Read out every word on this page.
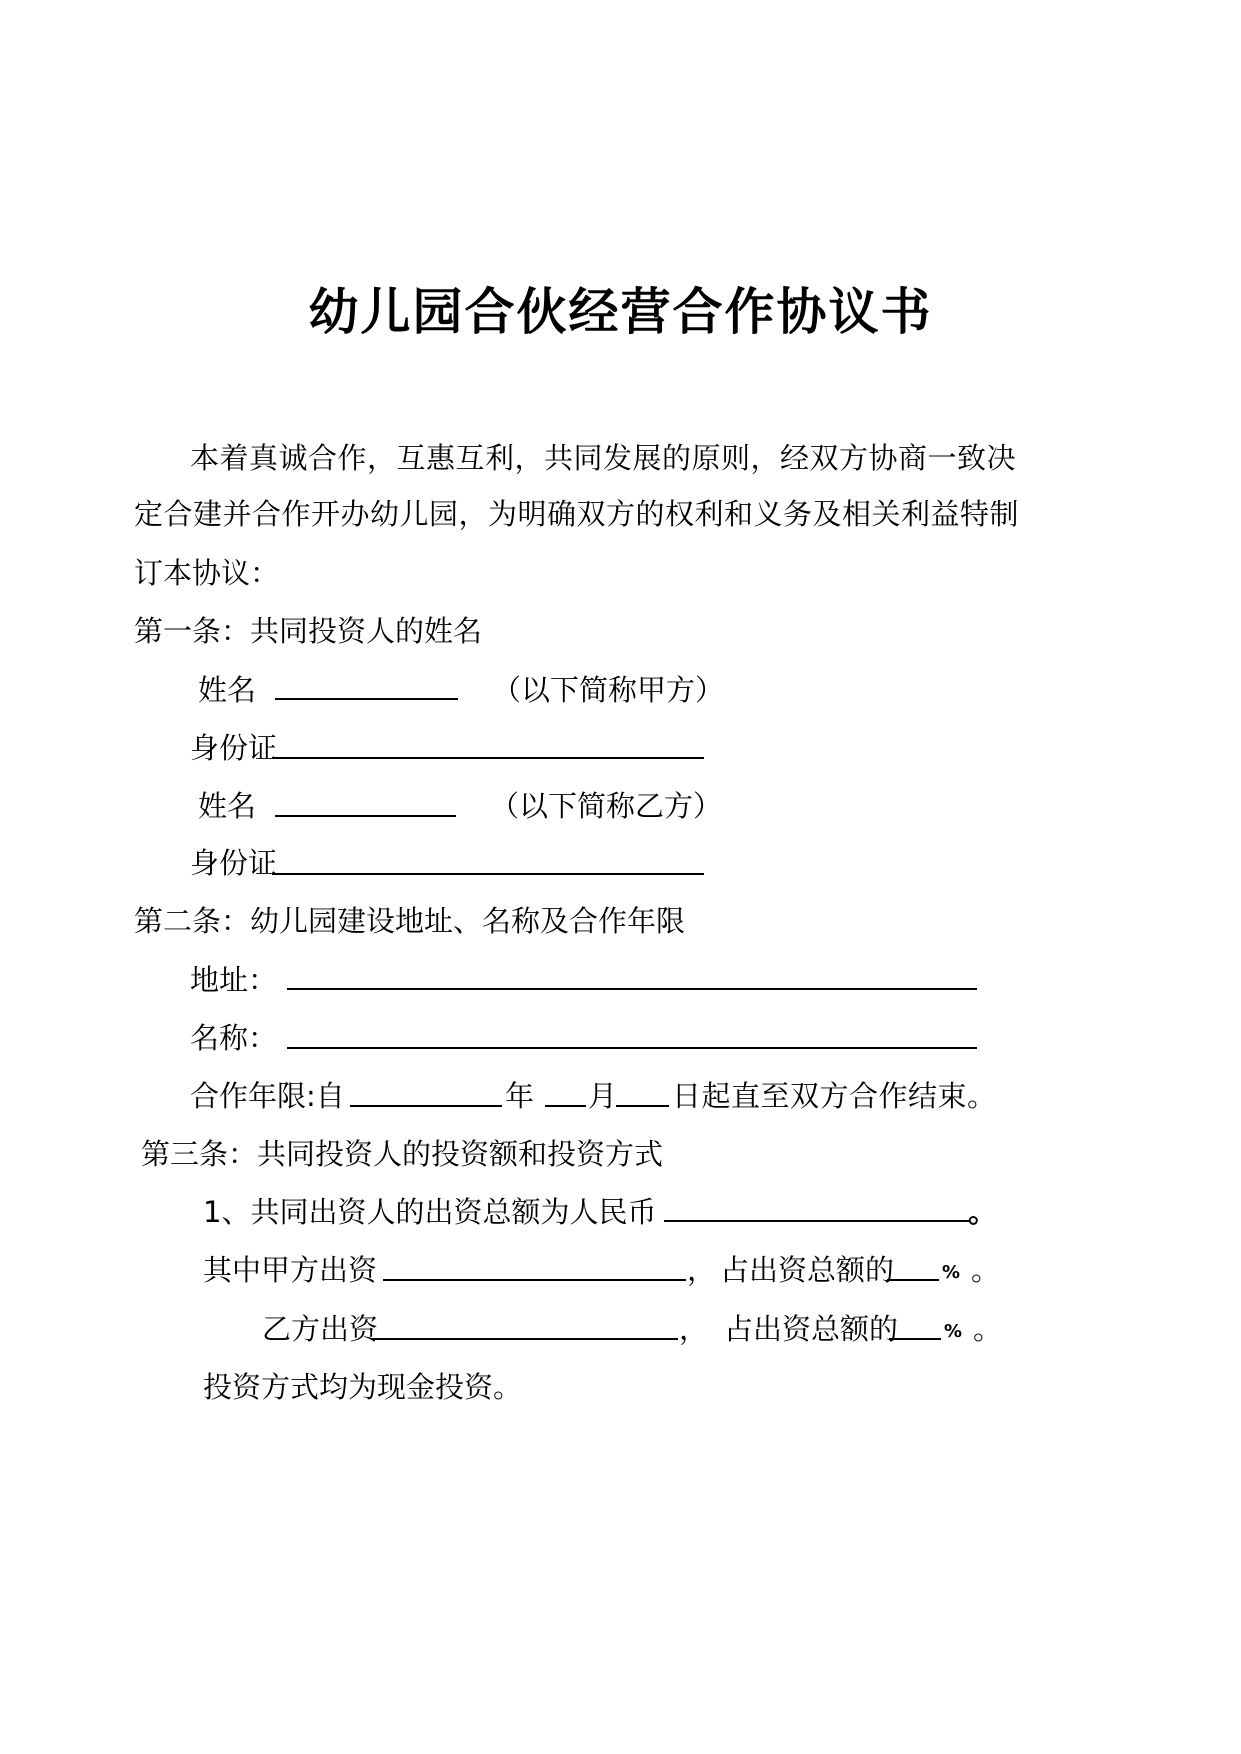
幼儿园合伙经营合作协议书
本着真诚合作，互惠互利，共同发展的原则，经双方协商一致决
定合建并合作开办幼儿园，为明确双方的权利和义务及相关利益特制
订本协议：
第一条：共同投资人的姓名
姓名	（以下简称甲方）
身份证
姓名	（以下简称乙方）
身份证
第二条：幼儿园建设地址、名称及合作年限
地址：
名称：
合作年限:自	年 月 日起直至双方合作结束。
第三条：共同投资人的投资额和投资方式
1、共同出资人的出资总额为人民币	。
其中甲方出资	， 占出资总额的	% 。
乙方出资	， 占出资总额的	% 。
投资方式均为现金投资。
